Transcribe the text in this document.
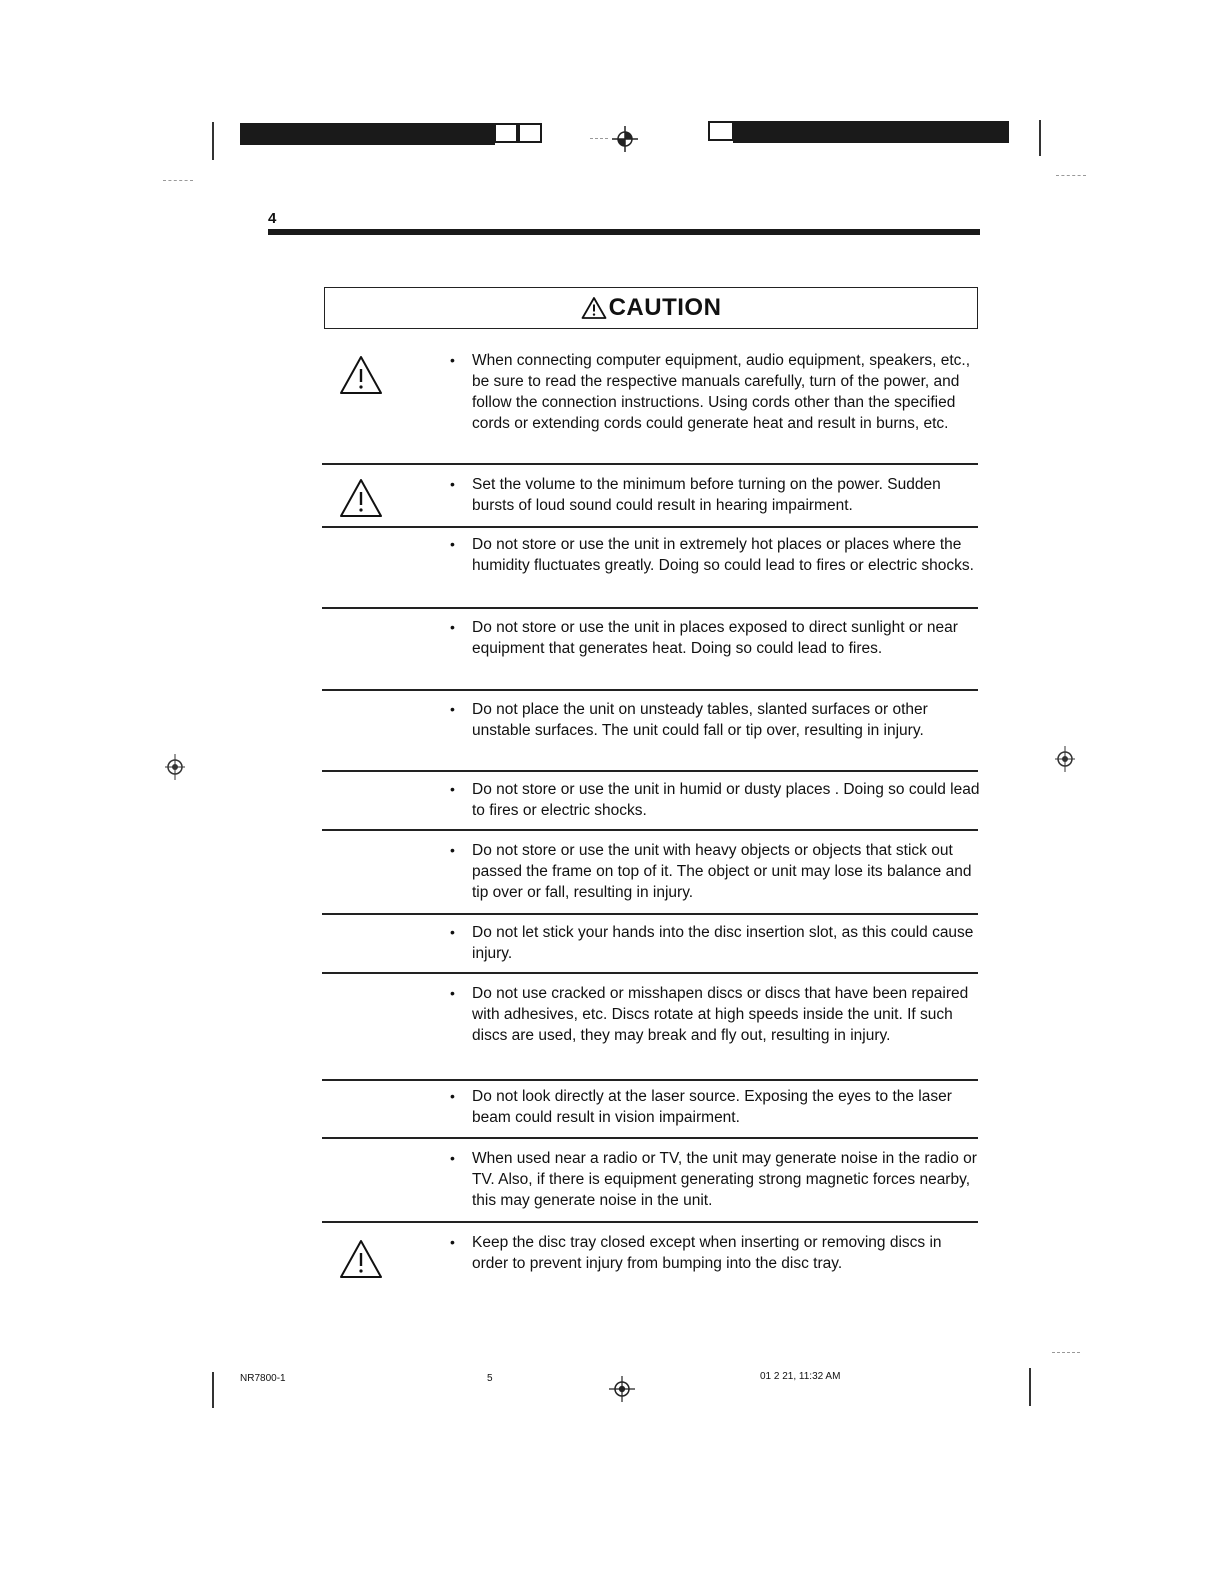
4
CAUTION
•	When connecting computer equipment, audio equipment, speakers, etc., be sure to read the respective manuals carefully, turn of the power, and follow the connection instructions. Using cords other than the specified cords or extending cords could generate heat and result in burns, etc.
•	Set the volume to the minimum before turning on the power. Sudden bursts of loud sound could result in hearing impairment.
•	Do not store or use the unit in extremely hot places or places where the humidity fluctuates greatly. Doing so could lead to fires or electric shocks.
•	Do not store or use the unit in places exposed to direct sunlight or near equipment that generates heat. Doing so could lead to fires.
•	Do not place the unit on unsteady tables, slanted surfaces or other unstable surfaces. The unit could fall or tip over, resulting in injury.
•	Do not store or use the unit in humid or dusty places . Doing so could lead to fires or electric shocks.
•	Do not store or use the unit with heavy objects or objects that stick out passed the frame on top of it. The object or unit may lose its balance and tip over or fall, resulting in injury.
•	Do not let stick your hands into the disc insertion slot, as this could cause injury.
•	Do not use cracked or misshapen discs or discs that have been repaired with adhesives, etc. Discs rotate at high speeds inside the unit. If such discs are used, they may break and fly out, resulting in injury.
•	Do not look directly at the laser source. Exposing the eyes to the laser beam could result in vision impairment.
•	When used near a radio or TV, the unit may generate noise in the radio or TV. Also, if there is equipment generating strong magnetic forces nearby, this may generate noise in the unit.
•	Keep the disc tray closed except when inserting or removing discs in order to prevent injury from bumping into the disc tray.
NR7800-1	5	01 2 21, 11:32 AM
